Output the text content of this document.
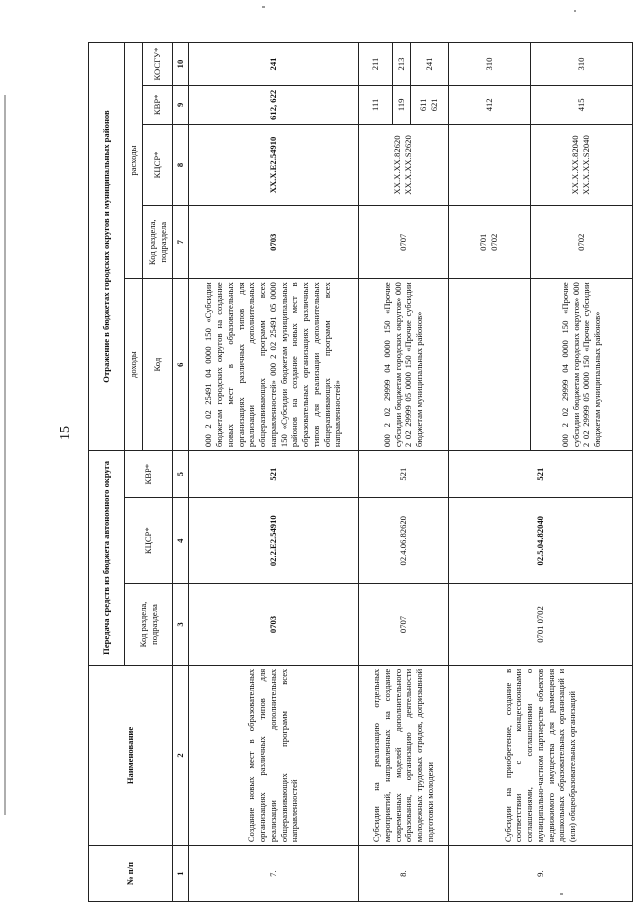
15
№ п/п	Наименование	Передача средств из бюджета автономного округа			Отражение в бюджетах городских округов и муниципальных районов				
		Код раздела, подраздела	КЦСР*	КВР*	доходы	расходы			
					Код	Код раздела, подраздела	КЦСР*	КВР*	КОСГУ*
1	2	3	4	5	6	7	8	9	10
7.	Создание новых мест в образовательных организациях различных типов для реализации дополнительных общеразвивающих программ всех направленностей	0703	02.2.Е2.54910	521	000 2 02 25491 04 0000 150 «Субсидии бюджетам городских округов на создание новых мест в образовательных организациях различных типов для реализации дополнительных общеразвивающих программ всех направленностей» 000 2 02 25491 05 0000 150 «Субсидии бюджетам муниципальных районов на создание новых мест в образовательных организациях различных типов для реализации дополнительных общеразвивающих программ всех направленностей»	0703	XX.X.E2.54910	612, 622	241
8.	Субсидии на реализацию отдельных мероприятий, направленных на создание современных моделей дополнительного образования, организацию деятельности молодежных трудовых отрядов, допризывной подготовки молодежи	0707	02.4.06.82620	521	000 2 02 29999 04 0000 150 «Прочие субсидии бюджетам городских округов» 000 2 02 29999 05 0000 150 «Прочие субсидии бюджетам муниципальных районов»	0707	XX.X.XX.82620 XX.X.XX.S2620	111	211
								119	213

								611 621	241
9.	Субсидии на приобретение, создание в соответствии с концессионными соглашениями, соглашениями о муниципально-частном партнерстве объектов недвижимого имущества для размещения дошкольных образовательных организаций и (или) общеобразовательных организаций	0701 0702	02.5.04.82040	521		0701 0702		412	310
					000 2 02 29999 04 0000 150 «Прочие субсидии бюджетам городских округов» 000 2 02 29999 05 0000 150 «Прочие субсидии бюджетам муниципальных районов»	0702	XX.X.XX.82040 XX.X.XX.S2040	415	310
